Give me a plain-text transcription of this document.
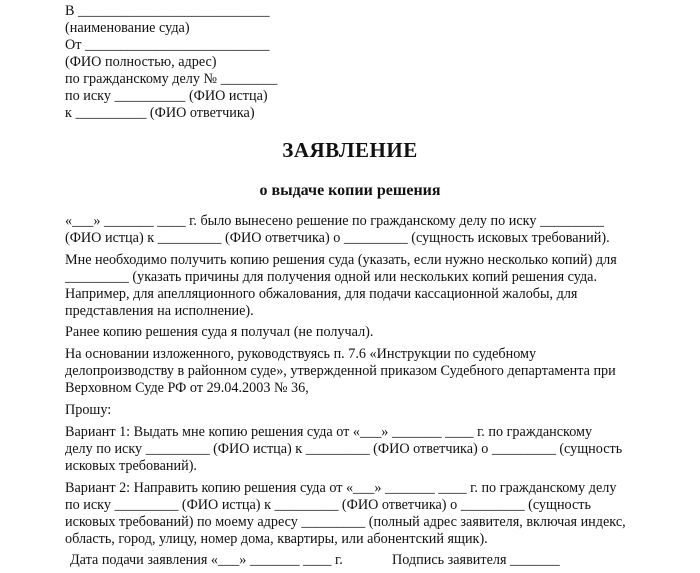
В ___________________________
(наименование суда)
От __________________________
(ФИО полностью, адрес)
по гражданскому делу № ________
по иску __________ (ФИО истца)
к __________ (ФИО ответчика)
ЗАЯВЛЕНИЕ
о выдаче копии решения
«___» _______ ____ г. было вынесено решение по гражданскому делу по иску _________
(ФИО истца) к _________ (ФИО ответчика) о _________ (сущность исковых требований).
Мне необходимо получить копию решения суда (указать, если нужно несколько копий) для
_________ (указать причины для получения одной или нескольких копий решения суда.
Например, для апелляционного обжалования, для подачи кассационной жалобы, для
представления на исполнение).
Ранее копию решения суда я получал (не получал).
На основании изложенного, руководствуясь п. 7.6 «Инструкции по судебному
делопроизводству в районном суде», утвержденной приказом Судебного департамента при
Верховном Суде РФ от 29.04.2003 № 36,
Прошу:
Вариант 1: Выдать мне копию решения суда от «___» _______ ____ г. по гражданскому
делу по иску _________ (ФИО истца) к _________ (ФИО ответчика) о _________ (сущность
исковых требований).
Вариант 2: Направить копию решения суда от «___» _______ ____ г. по гражданскому делу
по иску _________ (ФИО истца) к _________ (ФИО ответчика) о _________ (сущность
исковых требований) по моему адресу _________ (полный адрес заявителя, включая индекс,
область, город, улицу, номер дома, квартиры, или абонентский ящик).
Дата подачи заявления «___» _______ ____ г.	Подпись заявителя _______
